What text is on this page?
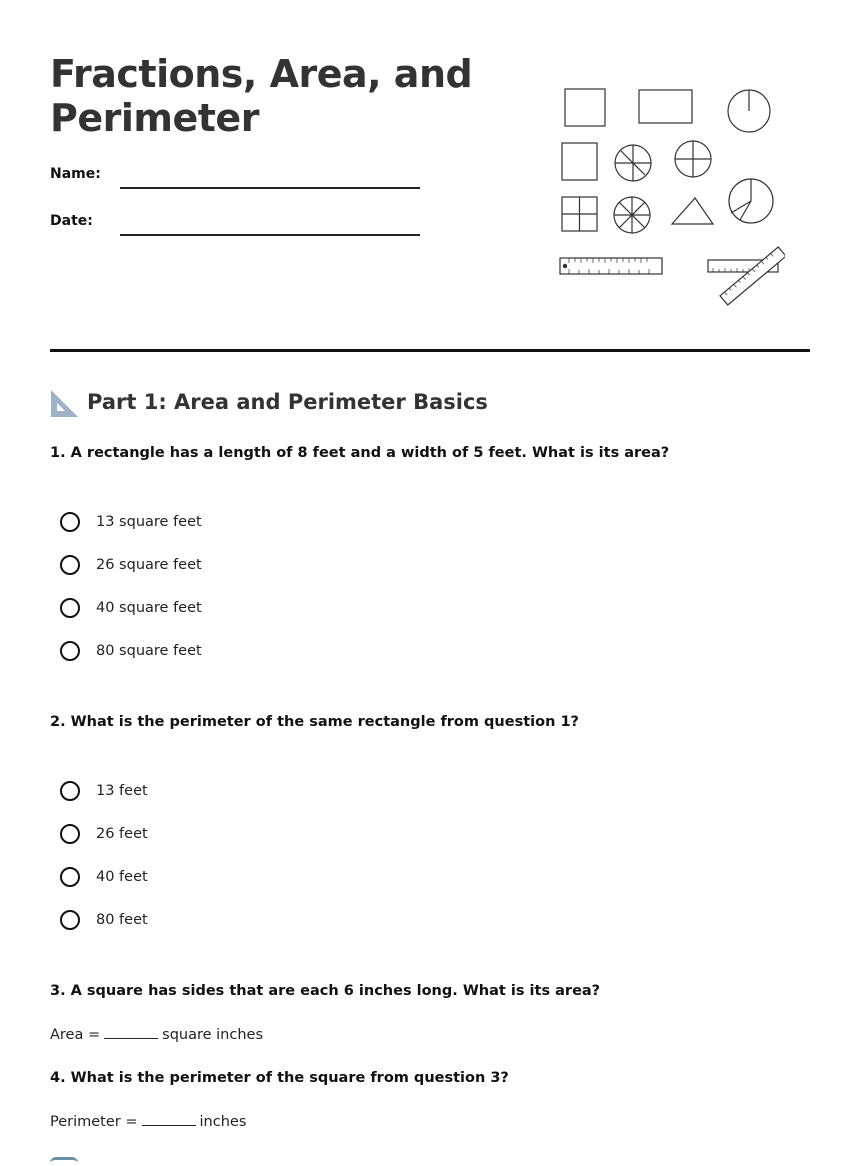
Fractions, Area, and Perimeter
Name:
Date:
Part 1: Area and Perimeter Basics

1. A rectangle has a length of 8 feet and a width of 5 feet. What is its area?

13 square feet
26 square feet
40 square feet
80 square feet

2. What is the perimeter of the same rectangle from question 1?

13 feet
26 feet
40 feet
80 feet

3. A square has sides that are each 6 inches long. What is its area?

Area =	square inches

4. What is the perimeter of the square from question 3?

Perimeter =	inches
